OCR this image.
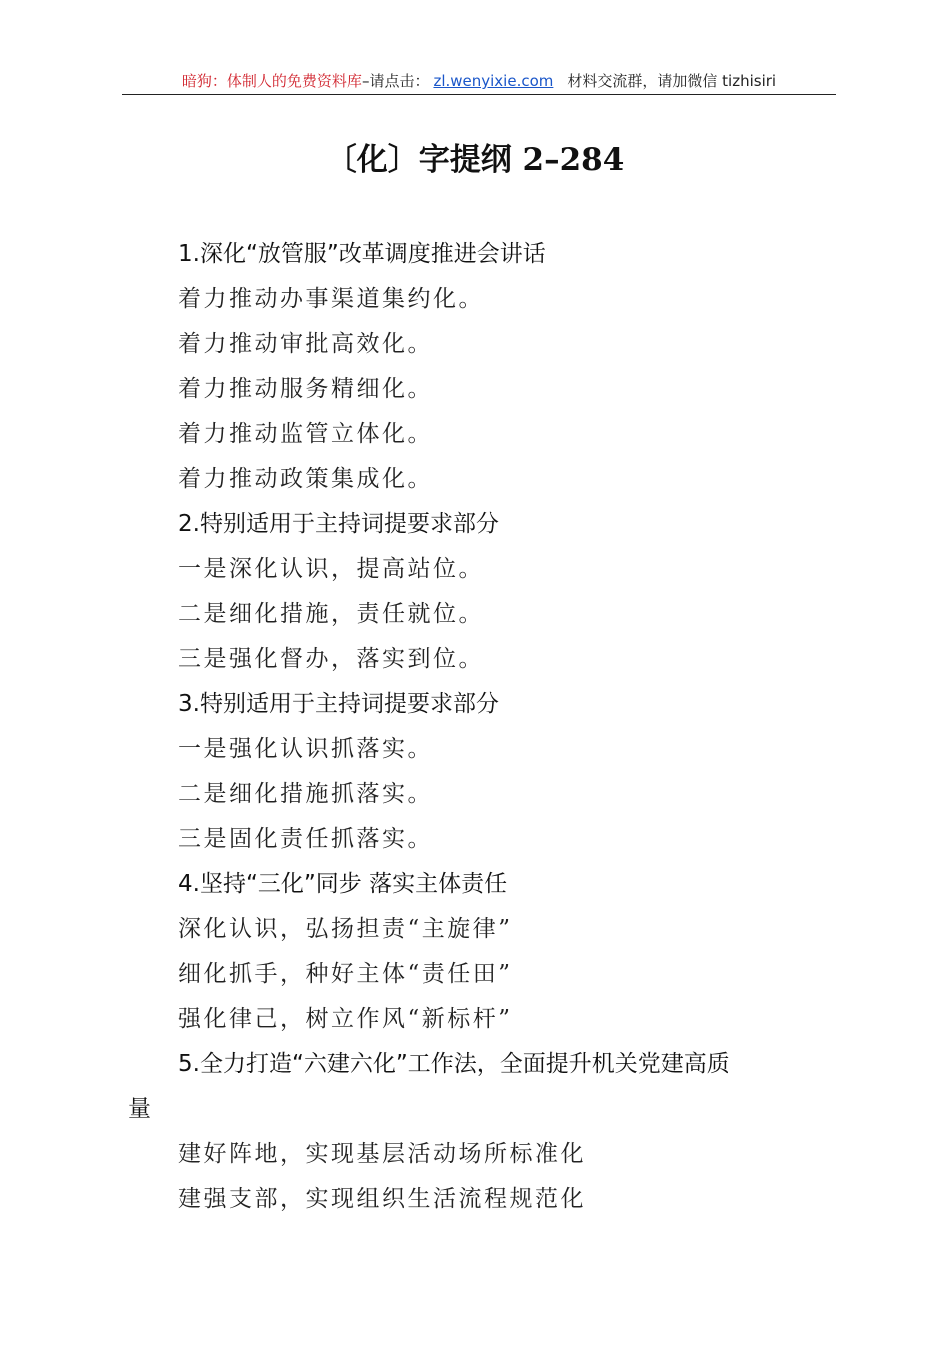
暗狗：体制人的免费资料库–请点击： zl.wenyixie.com 材料交流群，请加微信 tizhisiri
〔化〕字提纲 2–284
1.深化“放管服”改革调度推进会讲话
着力推动办事渠道集约化。
着力推动审批高效化。
着力推动服务精细化。
着力推动监管立体化。
着力推动政策集成化。
2.特别适用于主持词提要求部分
一是深化认识，提高站位。
二是细化措施，责任就位。
三是强化督办，落实到位。
3.特别适用于主持词提要求部分
一是强化认识抓落实。
二是细化措施抓落实。
三是固化责任抓落实。
4.坚持“三化”同步 落实主体责任
深化认识，弘扬担责“主旋律”
细化抓手，种好主体“责任田”
强化律己，树立作风“新标杆”
5.全力打造“六建六化”工作法，全面提升机关党建高质
量
建好阵地，实现基层活动场所标准化
建强支部，实现组织生活流程规范化
